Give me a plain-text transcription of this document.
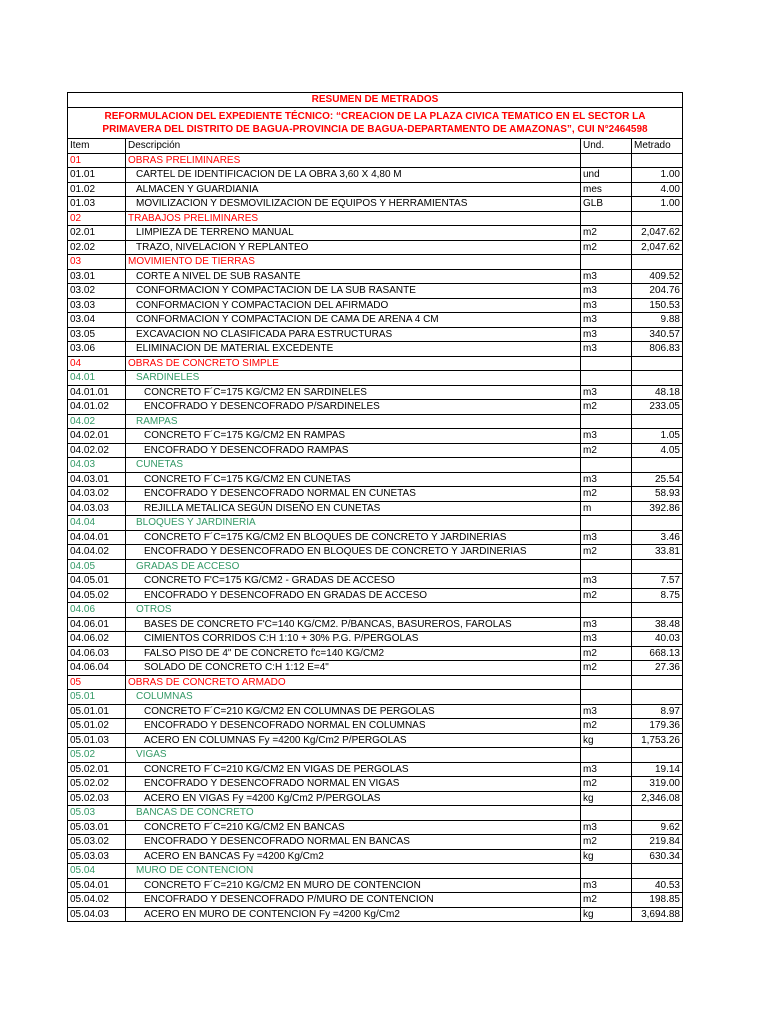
RESUMEN DE METRADOS			
REFORMULACION DEL EXPEDIENTE TÉCNICO: “CREACION DE LA PLAZA CIVICA TEMATICO EN EL SECTOR LA PRIMAVERA DEL DISTRITO DE BAGUA-PROVINCIA DE BAGUA-DEPARTAMENTO DE AMAZONAS”, CUI N°2464598			
Item	Descripción	Und.	Metrado
01	OBRAS PRELIMINARES		
01.01	CARTEL DE IDENTIFICACION DE LA OBRA 3,60 X 4,80 M	und	1.00
01.02	ALMACEN Y GUARDIANIA	mes	4.00
01.03	MOVILIZACION Y DESMOVILIZACION DE EQUIPOS Y HERRAMIENTAS	GLB	1.00
02	TRABAJOS PRELIMINARES		
02.01	LIMPIEZA DE TERRENO MANUAL	m2	2,047.62
02.02	TRAZO, NIVELACION Y REPLANTEO	m2	2,047.62
03	MOVIMIENTO DE TIERRAS		
03.01	CORTE A NIVEL DE SUB RASANTE	m3	409.52
03.02	CONFORMACION Y COMPACTACION DE LA SUB RASANTE	m3	204.76
03.03	CONFORMACION Y COMPACTACION DEL AFIRMADO	m3	150.53
03.04	CONFORMACION Y COMPACTACION DE CAMA DE ARENA 4 CM	m3	9.88
03.05	EXCAVACION NO CLASIFICADA PARA ESTRUCTURAS	m3	340.57
03.06	ELIMINACION DE MATERIAL EXCEDENTE	m3	806.83
04	OBRAS DE CONCRETO SIMPLE		
04.01	SARDINELES		
04.01.01	CONCRETO F´C=175 KG/CM2 EN SARDINELES	m3	48.18
04.01.02	ENCOFRADO Y DESENCOFRADO P/SARDINELES	m2	233.05
04.02	RAMPAS		
04.02.01	CONCRETO F´C=175 KG/CM2 EN RAMPAS	m3	1.05
04.02.02	ENCOFRADO Y DESENCOFRADO RAMPAS	m2	4.05
04.03	CUNETAS		
04.03.01	CONCRETO F´C=175 KG/CM2 EN CUNETAS	m3	25.54
04.03.02	ENCOFRADO Y DESENCOFRADO NORMAL EN CUNETAS	m2	58.93
04.03.03	REJILLA METALICA SEGÚN DISEÑO EN CUNETAS	m	392.86
04.04	BLOQUES Y JARDINERIA		
04.04.01	CONCRETO F´C=175 KG/CM2 EN BLOQUES DE CONCRETO Y JARDINERIAS	m3	3.46
04.04.02	ENCOFRADO Y DESENCOFRADO EN BLOQUES DE CONCRETO Y JARDINERIAS	m2	33.81
04.05	GRADAS DE ACCESO		
04.05.01	CONCRETO F'C=175 KG/CM2 - GRADAS DE ACCESO	m3	7.57
04.05.02	ENCOFRADO Y DESENCOFRADO EN GRADAS DE ACCESO	m2	8.75
04.06	OTROS		
04.06.01	BASES DE CONCRETO F'C=140 KG/CM2. P/BANCAS, BASUREROS, FAROLAS	m3	38.48
04.06.02	CIMIENTOS CORRIDOS C:H 1:10 + 30% P.G. P/PERGOLAS	m3	40.03
04.06.03	FALSO PISO DE 4" DE CONCRETO f'c=140 KG/CM2	m2	668.13
04.06.04	SOLADO DE CONCRETO C:H 1:12 E=4"	m2	27.36
05	OBRAS DE CONCRETO ARMADO		
05.01	COLUMNAS		
05.01.01	CONCRETO F´C=210 KG/CM2 EN COLUMNAS DE PERGOLAS	m3	8.97
05.01.02	ENCOFRADO Y DESENCOFRADO NORMAL EN COLUMNAS	m2	179.36
05.01.03	ACERO EN COLUMNAS Fy =4200 Kg/Cm2 P/PERGOLAS	kg	1,753.26
05.02	VIGAS		
05.02.01	CONCRETO F´C=210 KG/CM2 EN VIGAS DE PERGOLAS	m3	19.14
05.02.02	ENCOFRADO Y DESENCOFRADO NORMAL EN VIGAS	m2	319.00
05.02.03	ACERO EN VIGAS Fy =4200 Kg/Cm2 P/PERGOLAS	kg	2,346.08
05.03	BANCAS DE CONCRETO		
05.03.01	CONCRETO F´C=210 KG/CM2 EN BANCAS	m3	9.62
05.03.02	ENCOFRADO Y DESENCOFRADO NORMAL EN BANCAS	m2	219.84
05.03.03	ACERO EN BANCAS Fy =4200 Kg/Cm2	kg	630.34
05.04	MURO DE CONTENCION		
05.04.01	CONCRETO F´C=210 KG/CM2 EN MURO DE CONTENCION	m3	40.53
05.04.02	ENCOFRADO Y DESENCOFRADO P/MURO DE CONTENCION	m2	198.85
05.04.03	ACERO EN MURO DE CONTENCION Fy =4200 Kg/Cm2	kg	3,694.88
